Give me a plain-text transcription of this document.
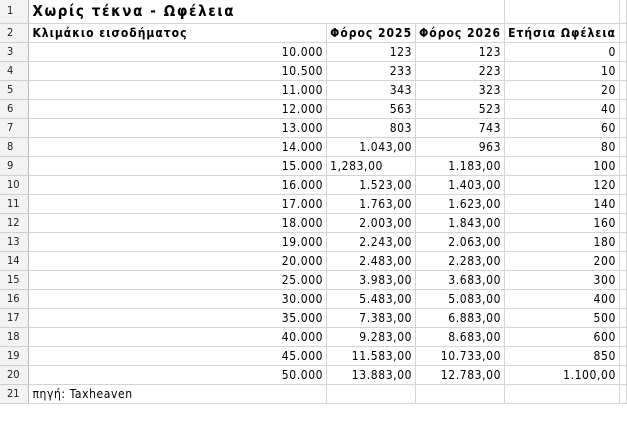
1	Χωρίς τέκνα - Ωφέλεια				
2	Κλιμάκιο εισοδήματος	Φόρος 2025	Φόρος 2026	Ετήσια Ωφέλεια	
3	10.000	123	123	0	
4	10.500	233	223	10	
5	11.000	343	323	20	
6	12.000	563	523	40	
7	13.000	803	743	60	
8	14.000	1.043,00	963	80	
9	15.000	1,283,00	1.183,00	100	
10	16.000	1.523,00	1.403,00	120	
11	17.000	1.763,00	1.623,00	140	
12	18.000	2.003,00	1.843,00	160	
13	19.000	2.243,00	2.063,00	180	
14	20.000	2.483,00	2.283,00	200	
15	25.000	3.983,00	3.683,00	300	
16	30.000	5.483,00	5.083,00	400	
17	35.000	7.383,00	6.883,00	500	
18	40.000	9.283,00	8.683,00	600	
19	45.000	11.583,00	10.733,00	850	
20	50.000	13.883,00	12.783,00	1.100,00	
21	πηγή: Taxheaven				
